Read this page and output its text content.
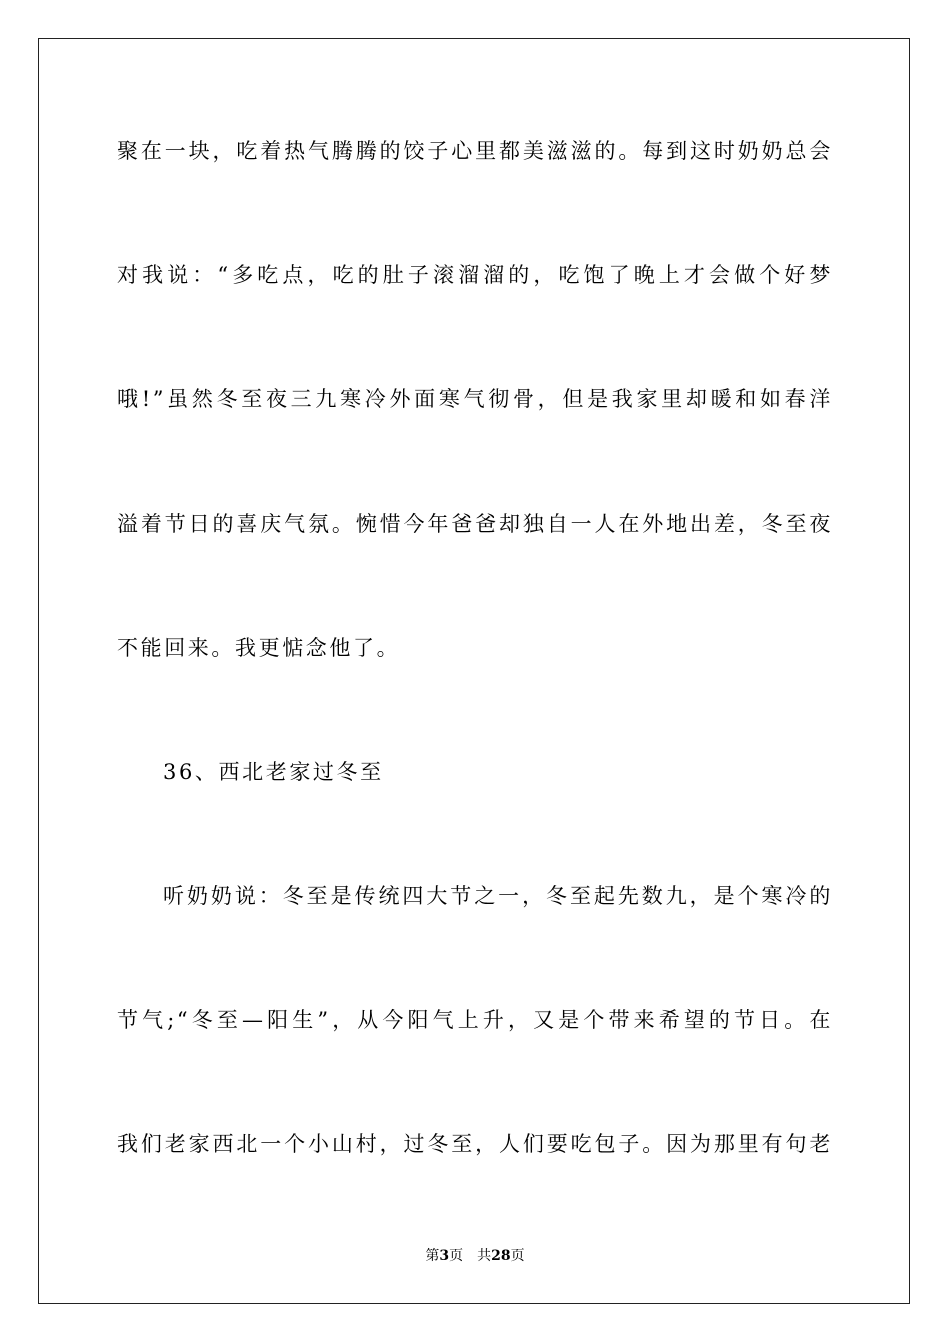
聚在一块，吃着热气腾腾的饺子心里都美滋滋的。每到这时奶奶总会
对我说：“多吃点，吃的肚子滚溜溜的，吃饱了晚上才会做个好梦
哦!”虽然冬至夜三九寒冷外面寒气彻骨，但是我家里却暖和如春洋
溢着节日的喜庆气氛。惋惜今年爸爸却独自一人在外地出差，冬至夜
不能回来。我更惦念他了。
36、西北老家过冬至
听奶奶说：冬至是传统四大节之一，冬至起先数九，是个寒冷的
节气;“冬至—阳生”，从今阳气上升，又是个带来希望的节日。在
我们老家西北一个小山村，过冬至，人们要吃包子。因为那里有句老
第3页 共28页
